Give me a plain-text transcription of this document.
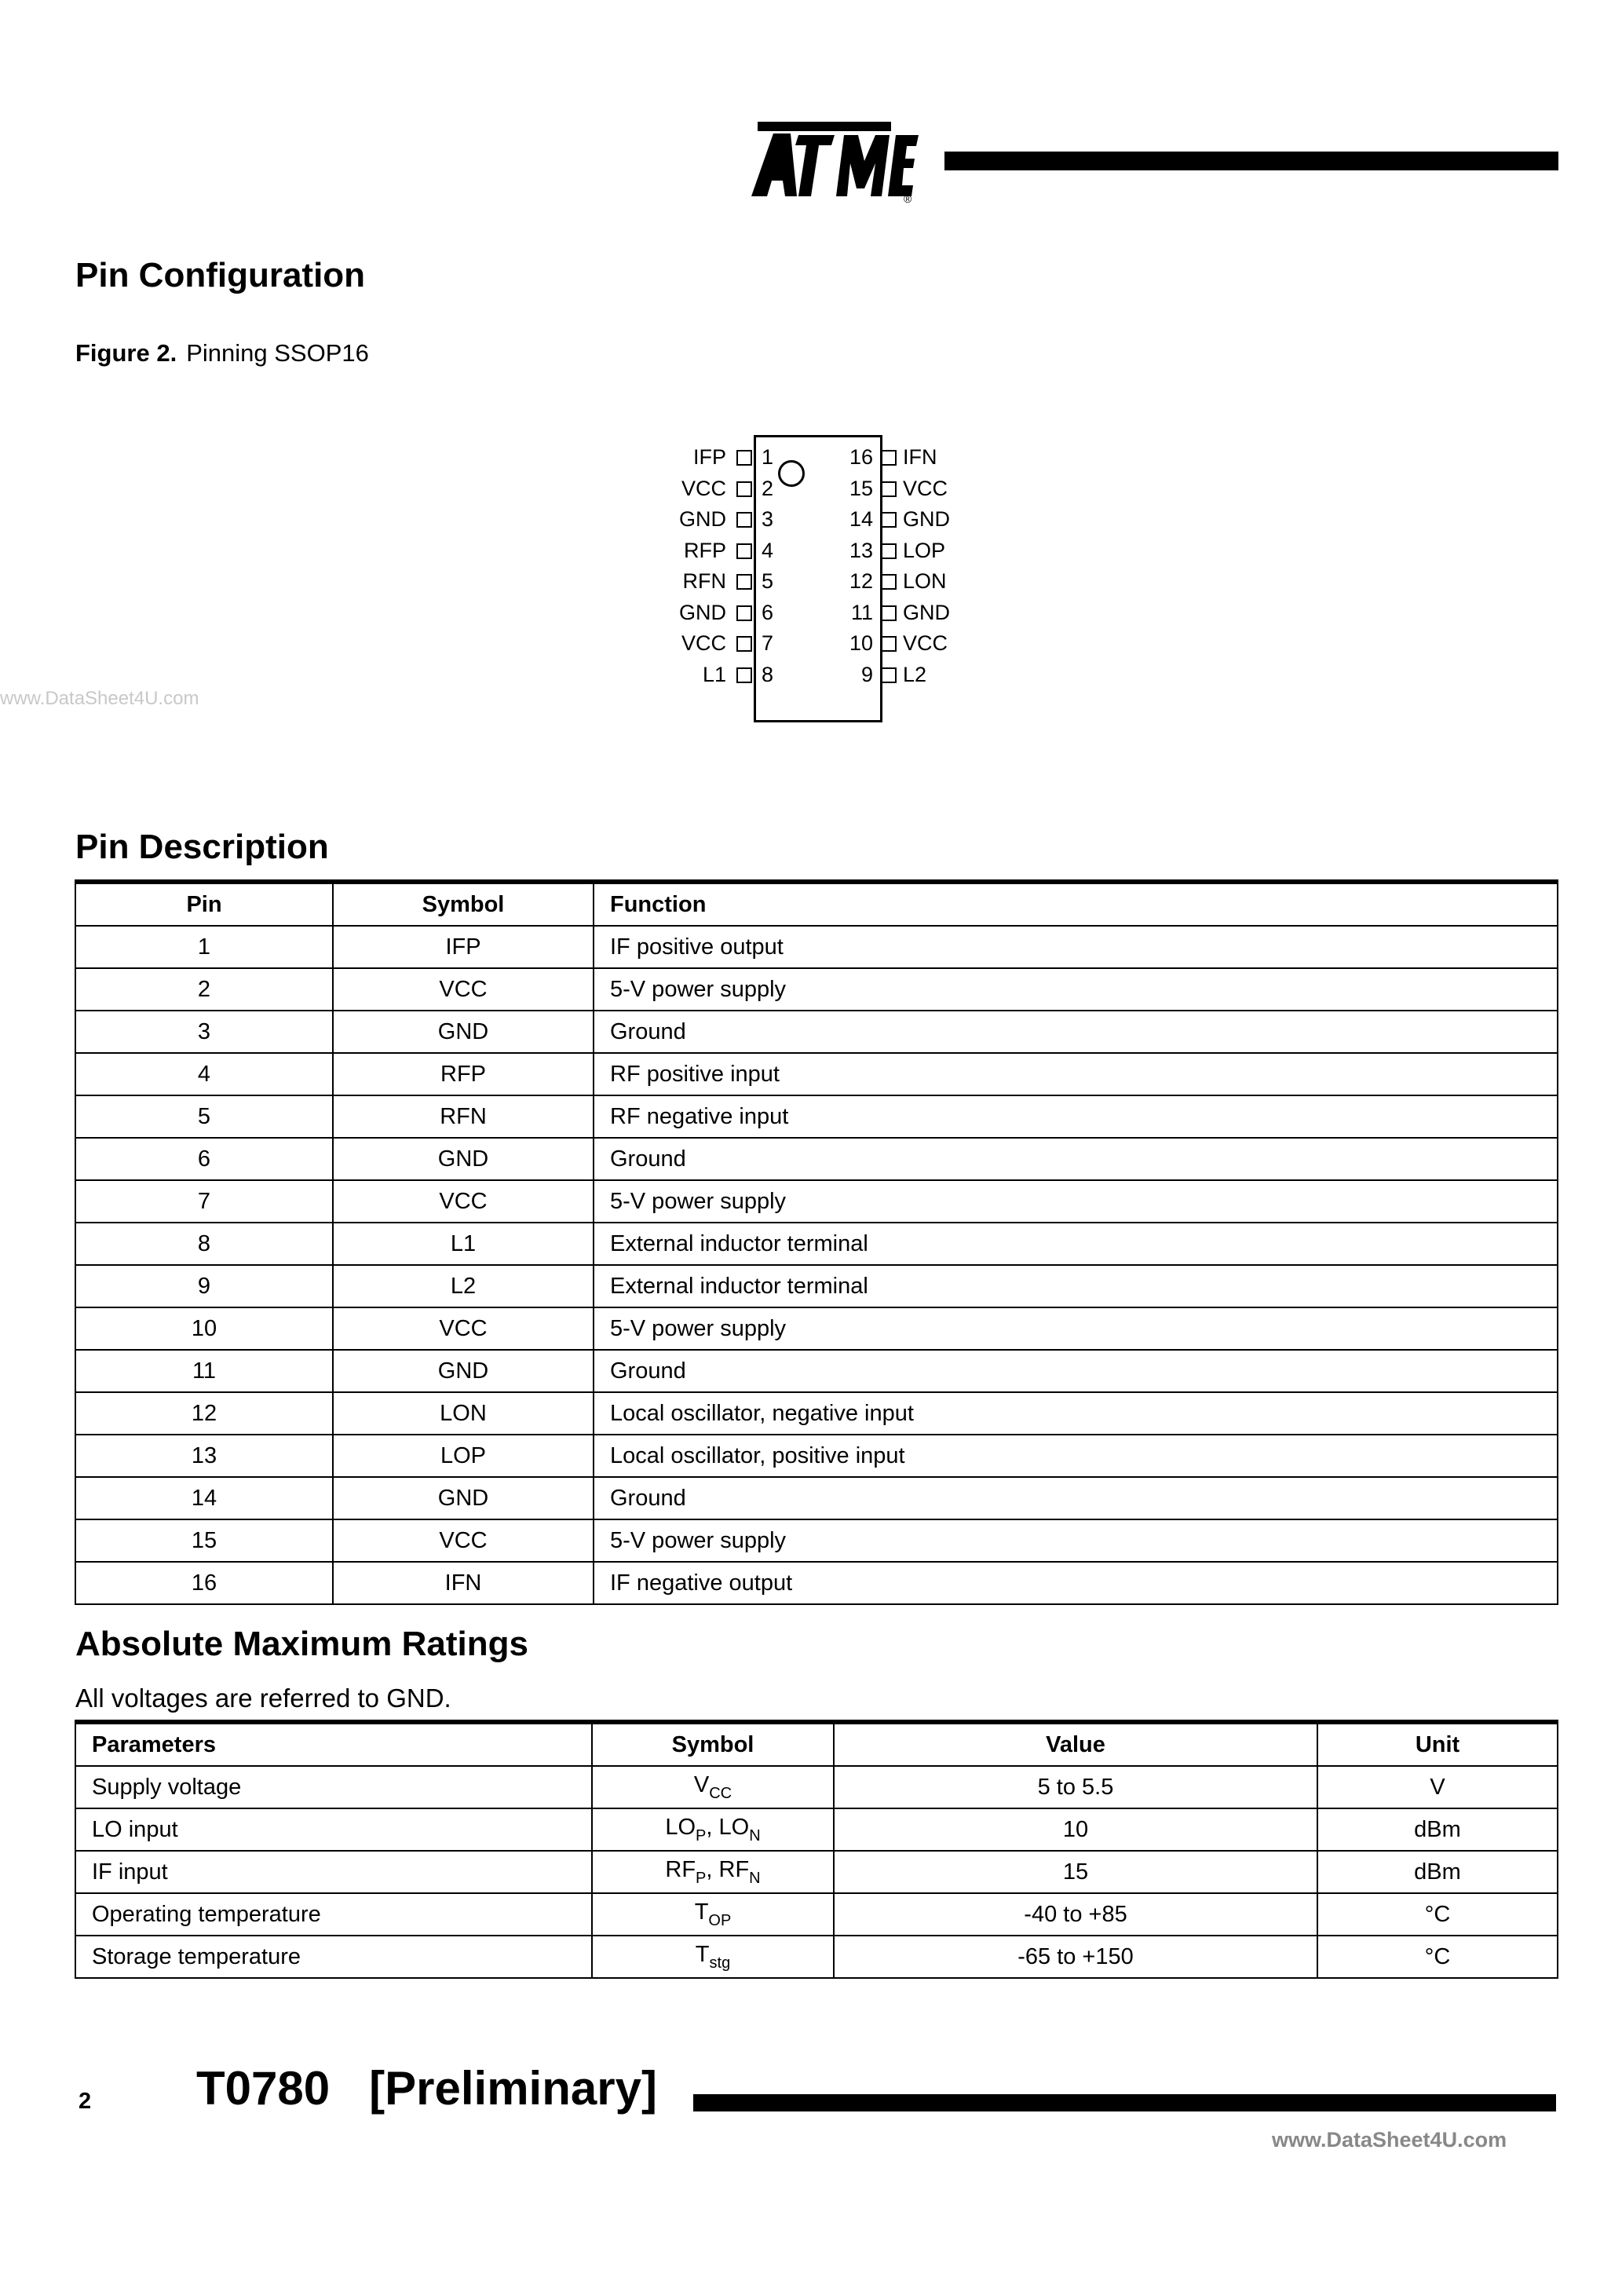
®
Pin Configuration
Figure 2. Pinning SSOP16
www.DataSheet4U.com
IFP 1
VCC 2
GND 3
RFP 4
RFN 5
GND 6
VCC 7
L1 8
16 IFN
15 VCC
14 GND
13 LOP
12 LON
11 GND
10 VCC
9 L2
Pin Description
Pin	Symbol	Function
1	IFP	IF positive output
2	VCC	5-V power supply
3	GND	Ground
4	RFP	RF positive input
5	RFN	RF negative input
6	GND	Ground
7	VCC	5-V power supply
8	L1	External inductor terminal
9	L2	External inductor terminal
10	VCC	5-V power supply
11	GND	Ground
12	LON	Local oscillator, negative input
13	LOP	Local oscillator, positive input
14	GND	Ground
15	VCC	5-V power supply
16	IFN	IF negative output
Absolute Maximum Ratings
All voltages are referred to GND.
Parameters	Symbol	Value	Unit
Supply voltage	$V_{CC}$	5 to 5.5	V
LO input	$LO_P$, $LO_N$	10	dBm
IF input	$RF_P$, $RF_N$	15	dBm
Operating temperature	$T_{OP}$	-40 to +85	°C
Storage temperature	$T_{stg}$	-65 to +150	°C
2 T0780   [Preliminary]
www.DataSheet4U.com
